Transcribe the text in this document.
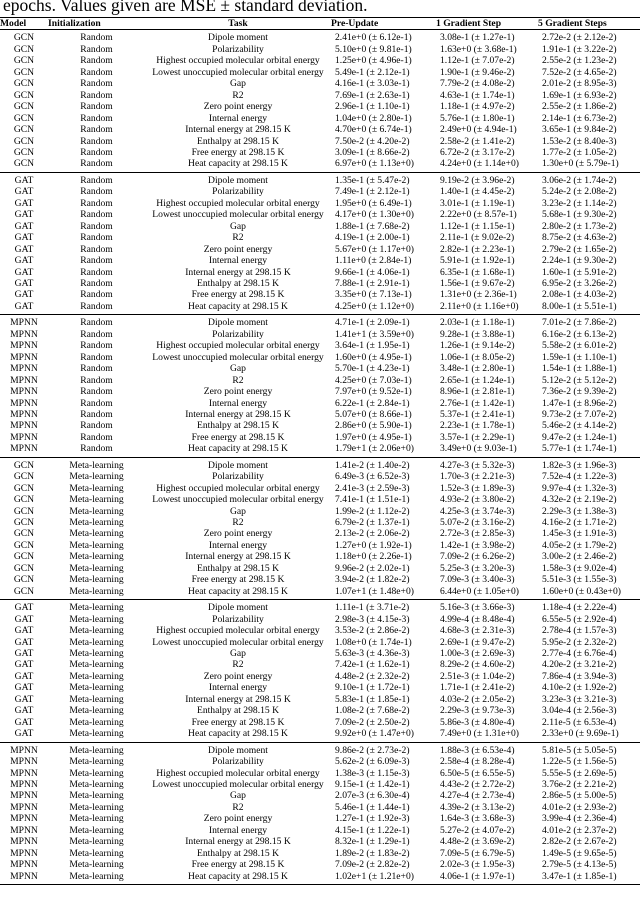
epochs. Values given are MSE ± standard deviation.

Model	Initialization	Task	Pre-Update	1 Gradient Step	5 Gradient Steps
GCN	Random	Dipole moment	2.41e+0 (± 6.12e-1)	3.08e-1 (± 1.27e-1)	2.72e-2 (± 2.12e-2)
GCN	Random	Polarizability	5.10e+0 (± 9.81e-1)	1.63e+0 (± 3.68e-1)	1.91e-1 (± 3.22e-2)
GCN	Random	Highest occupied molecular orbital energy	1.25e+0 (± 4.96e-1)	1.12e-1 (± 7.07e-2)	2.55e-2 (± 1.23e-2)
GCN	Random	Lowest unoccupied molecular orbital energy	5.49e-1 (± 2.12e-1)	1.90e-1 (± 9.46e-2)	7.52e-2 (± 4.65e-2)
GCN	Random	Gap	4.16e-1 (± 3.03e-1)	7.79e-2 (± 4.08e-2)	2.01e-2 (± 8.95e-3)
GCN	Random	R2	7.69e-1 (± 2.63e-1)	4.63e-1 (± 1.74e-1)	1.69e-1 (± 6.93e-2)
GCN	Random	Zero point energy	2.96e-1 (± 1.10e-1)	1.18e-1 (± 4.97e-2)	2.55e-2 (± 1.86e-2)
GCN	Random	Internal energy	1.04e+0 (± 2.80e-1)	5.76e-1 (± 1.80e-1)	2.14e-1 (± 6.73e-2)
GCN	Random	Internal energy at 298.15 K	4.70e+0 (± 6.74e-1)	2.49e+0 (± 4.94e-1)	3.65e-1 (± 9.84e-2)
GCN	Random	Enthalpy at 298.15 K	7.50e-2 (± 4.20e-2)	2.58e-2 (± 1.41e-2)	1.53e-2 (± 8.40e-3)
GCN	Random	Free energy at 298.15 K	3.09e-1 (± 8.66e-2)	6.72e-2 (± 3.17e-2)	1.77e-2 (± 1.05e-2)
GCN	Random	Heat capacity at 298.15 K	6.97e+0 (± 1.13e+0)	4.24e+0 (± 1.14e+0)	1.30e+0 (± 5.79e-1)
GAT	Random	Dipole moment	1.35e-1 (± 5.47e-2)	9.19e-2 (± 3.96e-2)	3.06e-2 (± 1.74e-2)
GAT	Random	Polarizability	7.49e-1 (± 2.12e-1)	1.40e-1 (± 4.45e-2)	5.24e-2 (± 2.08e-2)
GAT	Random	Highest occupied molecular orbital energy	1.95e+0 (± 6.49e-1)	3.01e-1 (± 1.19e-1)	3.23e-2 (± 1.14e-2)
GAT	Random	Lowest unoccupied molecular orbital energy	4.17e+0 (± 1.30e+0)	2.22e+0 (± 8.57e-1)	5.68e-1 (± 9.30e-2)
GAT	Random	Gap	1.88e-1 (± 7.68e-2)	1.12e-1 (± 1.15e-1)	2.80e-2 (± 1.73e-2)
GAT	Random	R2	4.19e-1 (± 2.00e-1)	2.11e-1 (± 9.02e-2)	8.75e-2 (± 4.63e-2)
GAT	Random	Zero point energy	5.67e+0 (± 1.17e+0)	2.82e-1 (± 2.23e-1)	2.79e-2 (± 1.65e-2)
GAT	Random	Internal energy	1.11e+0 (± 2.84e-1)	5.91e-1 (± 1.92e-1)	2.24e-1 (± 9.30e-2)
GAT	Random	Internal energy at 298.15 K	9.66e-1 (± 4.06e-1)	6.35e-1 (± 1.68e-1)	1.60e-1 (± 5.91e-2)
GAT	Random	Enthalpy at 298.15 K	7.88e-1 (± 2.91e-1)	1.56e-1 (± 9.67e-2)	6.95e-2 (± 3.26e-2)
GAT	Random	Free energy at 298.15 K	3.35e+0 (± 7.13e-1)	1.31e+0 (± 2.36e-1)	2.08e-1 (± 4.03e-2)
GAT	Random	Heat capacity at 298.15 K	4.25e+0 (± 1.12e+0)	2.11e+0 (± 1.16e+0)	8.00e-1 (± 5.51e-1)
MPNN	Random	Dipole moment	4.71e-1 (± 2.09e-1)	2.03e-1 (± 1.18e-1)	7.01e-2 (± 7.86e-2)
MPNN	Random	Polarizability	1.41e+1 (± 3.59e+0)	9.28e-1 (± 3.88e-1)	6.16e-2 (± 6.13e-2)
MPNN	Random	Highest occupied molecular orbital energy	3.64e-1 (± 1.95e-1)	1.26e-1 (± 9.14e-2)	5.58e-2 (± 6.01e-2)
MPNN	Random	Lowest unoccupied molecular orbital energy	1.60e+0 (± 4.95e-1)	1.06e-1 (± 8.05e-2)	1.59e-1 (± 1.10e-1)
MPNN	Random	Gap	5.70e-1 (± 4.23e-1)	3.48e-1 (± 2.80e-1)	1.54e-1 (± 1.88e-1)
MPNN	Random	R2	4.25e+0 (± 7.03e-1)	2.65e-1 (± 1.24e-1)	5.12e-2 (± 5.12e-2)
MPNN	Random	Zero point energy	7.97e+0 (± 9.52e-1)	8.96e-1 (± 2.81e-1)	7.36e-2 (± 9.39e-2)
MPNN	Random	Internal energy	6.22e-1 (± 2.84e-1)	2.76e-1 (± 1.42e-1)	1.47e-1 (± 8.96e-2)
MPNN	Random	Internal energy at 298.15 K	5.07e+0 (± 8.66e-1)	5.37e-1 (± 2.41e-1)	9.73e-2 (± 7.07e-2)
MPNN	Random	Enthalpy at 298.15 K	2.86e+0 (± 5.90e-1)	2.23e-1 (± 1.78e-1)	5.46e-2 (± 4.14e-2)
MPNN	Random	Free energy at 298.15 K	1.97e+0 (± 4.95e-1)	3.57e-1 (± 2.29e-1)	9.47e-2 (± 1.24e-1)
MPNN	Random	Heat capacity at 298.15 K	1.79e+1 (± 2.06e+0)	3.49e+0 (± 9.03e-1)	5.77e-1 (± 1.74e-1)
GCN	Meta-learning	Dipole moment	1.41e-2 (± 1.40e-2)	4.27e-3 (± 5.32e-3)	1.82e-3 (± 1.96e-3)
GCN	Meta-learning	Polarizability	6.49e-3 (± 6.52e-3)	1.70e-3 (± 2.21e-3)	7.52e-4 (± 1.22e-3)
GCN	Meta-learning	Highest occupied molecular orbital energy	2.41e-3 (± 2.59e-3)	1.52e-3 (± 1.89e-3)	9.97e-4 (± 1.32e-3)
GCN	Meta-learning	Lowest unoccupied molecular orbital energy	7.41e-1 (± 1.51e-1)	4.93e-2 (± 3.80e-2)	4.32e-2 (± 2.19e-2)
GCN	Meta-learning	Gap	1.99e-2 (± 1.12e-2)	4.25e-3 (± 3.74e-3)	2.29e-3 (± 1.38e-3)
GCN	Meta-learning	R2	6.79e-2 (± 1.37e-1)	5.07e-2 (± 3.16e-2)	4.16e-2 (± 1.71e-2)
GCN	Meta-learning	Zero point energy	2.13e-2 (± 2.06e-2)	2.72e-3 (± 2.85e-3)	1.45e-3 (± 1.91e-3)
GCN	Meta-learning	Internal energy	1.27e+0 (± 1.92e-1)	1.42e-1 (± 3.98e-2)	4.05e-2 (± 1.79e-2)
GCN	Meta-learning	Internal energy at 298.15 K	1.18e+0 (± 2.26e-1)	7.09e-2 (± 6.26e-2)	3.00e-2 (± 2.46e-2)
GCN	Meta-learning	Enthalpy at 298.15 K	9.96e-2 (± 2.02e-1)	5.25e-3 (± 3.20e-3)	1.58e-3 (± 9.02e-4)
GCN	Meta-learning	Free energy at 298.15 K	3.94e-2 (± 1.82e-2)	7.09e-3 (± 3.40e-3)	5.51e-3 (± 1.55e-3)
GCN	Meta-learning	Heat capacity at 298.15 K	1.07e+1 (± 1.48e+0)	6.44e+0 (± 1.05e+0)	1.60e+0 (± 0.43e+0)
GAT	Meta-learning	Dipole moment	1.11e-1 (± 3.71e-2)	5.16e-3 (± 3.66e-3)	1.18e-4 (± 2.22e-4)
GAT	Meta-learning	Polarizability	2.98e-3 (± 4.15e-3)	4.99e-4 (± 8.48e-4)	6.55e-5 (± 2.92e-4)
GAT	Meta-learning	Highest occupied molecular orbital energy	3.53e-2 (± 2.86e-2)	4.68e-3 (± 2.31e-3)	2.78e-4 (± 1.57e-3)
GAT	Meta-learning	Lowest unoccupied molecular orbital energy	1.08e+0 (± 1.74e-1)	2.69e-1 (± 9.47e-2)	5.95e-2 (± 2.32e-2)
GAT	Meta-learning	Gap	5.63e-3 (± 4.36e-3)	1.00e-3 (± 2.69e-3)	2.77e-4 (± 6.76e-4)
GAT	Meta-learning	R2	7.42e-1 (± 1.62e-1)	8.29e-2 (± 4.60e-2)	4.20e-2 (± 3.21e-2)
GAT	Meta-learning	Zero point energy	4.48e-2 (± 2.32e-2)	2.51e-3 (± 1.04e-2)	7.86e-4 (± 3.94e-3)
GAT	Meta-learning	Internal energy	9.10e-1 (± 1.72e-1)	1.71e-1 (± 2.41e-2)	4.10e-2 (± 1.92e-2)
GAT	Meta-learning	Internal energy at 298.15 K	5.83e-1 (± 1.85e-1)	4.03e-2 (± 2.05e-2)	3.23e-3 (± 3.21e-3)
GAT	Meta-learning	Enthalpy at 298.15 K	1.08e-2 (± 7.68e-2)	2.29e-3 (± 9.73e-3)	3.04e-4 (± 2.56e-3)
GAT	Meta-learning	Free energy at 298.15 K	7.09e-2 (± 2.50e-2)	5.86e-3 (± 4.80e-4)	2.11e-5 (± 6.53e-4)
GAT	Meta-learning	Heat capacity at 298.15 K	9.92e+0 (± 1.47e+0)	7.49e+0 (± 1.31e+0)	2.33e+0 (± 9.69e-1)
MPNN	Meta-learning	Dipole moment	9.86e-2 (± 2.73e-2)	1.88e-3 (± 6.53e-4)	5.81e-5 (± 5.05e-5)
MPNN	Meta-learning	Polarizability	5.62e-2 (± 6.09e-3)	2.58e-4 (± 8.28e-4)	1.22e-5 (± 1.56e-5)
MPNN	Meta-learning	Highest occupied molecular orbital energy	1.38e-3 (± 1.15e-3)	6.50e-5 (± 6.55e-5)	5.55e-5 (± 2.69e-5)
MPNN	Meta-learning	Lowest unoccupied molecular orbital energy	9.15e-1 (± 1.42e-1)	4.43e-2 (± 2.72e-2)	3.76e-2 (± 2.21e-2)
MPNN	Meta-learning	Gap	2.07e-3 (± 6.30e-4)	4.27e-4 (± 2.73e-4)	2.86e-5 (± 5.00e-5)
MPNN	Meta-learning	R2	5.46e-1 (± 1.44e-1)	4.39e-2 (± 3.13e-2)	4.01e-2 (± 2.93e-2)
MPNN	Meta-learning	Zero point energy	1.27e-1 (± 1.92e-3)	1.64e-3 (± 3.68e-3)	3.99e-4 (± 2.36e-4)
MPNN	Meta-learning	Internal energy	4.15e-1 (± 1.22e-1)	5.27e-2 (± 4.07e-2)	4.01e-2 (± 2.37e-2)
MPNN	Meta-learning	Internal energy at 298.15 K	8.32e-1 (± 1.29e-1)	4.48e-2 (± 3.69e-2)	2.82e-2 (± 2.67e-2)
MPNN	Meta-learning	Enthalpy at 298.15 K	1.89e-2 (± 1.83e-2)	7.09e-5 (± 6.79e-5)	1.49e-5 (± 9.65e-5)
MPNN	Meta-learning	Free energy at 298.15 K	7.09e-2 (± 2.82e-2)	2.02e-3 (± 1.95e-3)	2.79e-5 (± 4.13e-5)
MPNN	Meta-learning	Heat capacity at 298.15 K	1.02e+1 (± 1.21e+0)	4.06e-1 (± 1.97e-1)	3.47e-1 (± 1.85e-1)
